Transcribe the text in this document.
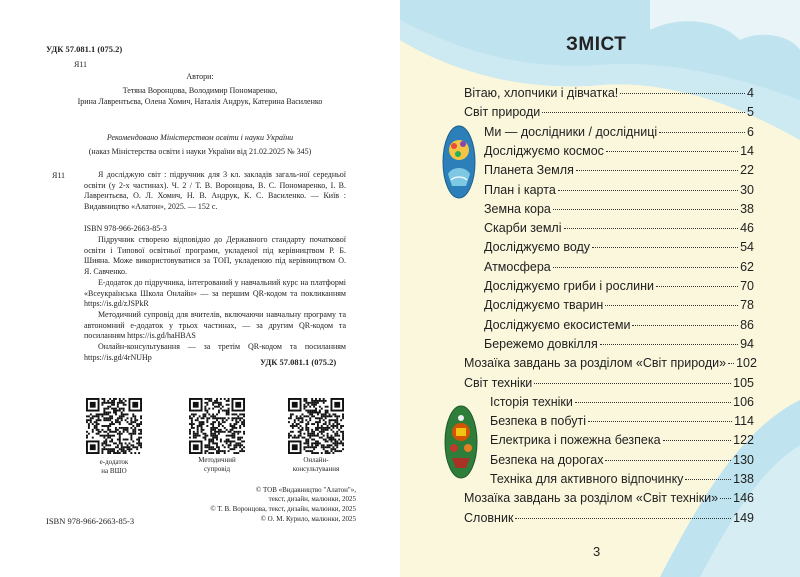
УДК 57.081.1 (075.2)
Я11
Автори:
Тетяна Воронцова, Володимир Пономаренко,
Ірина Лаврентьєва, Олена Хомич, Наталія Андрук, Катерина Василенко
Рекомендовано Міністерством освіти і науки України
(наказ Міністерства освіти і науки України від 21.02.2025 № 345)
Я11	Я досліджую світ : підручник для 3 кл. закладів загаль-ної середньої освіти (у 2-х частинах). Ч. 2 / Т. В. Воронцова, В. С. Пономаренко, І. В. Лаврентьєва, О. Л. Хомич, Н. В. Андрук, К. С. Василенко. — Київ : Видавництво «Алатон», 2025. — 152 с.
ISBN 978-966-2663-85-3
Підручник створено відповідно до Державного стандарту початкової освіти і Типової освітньої програми, укладеної під керівництвом Р. Б. Шияна. Може використовуватися за ТОП, укладеною під керівництвом О. Я. Савченко.
Е-додаток до підручника, інтегрований у навчальний курс на платформі «Всеукраїнська Школа Онлайн» — за першим QR-кодом та покликанням https://is.gd/zJSPkR
Методичний супровід для вчителів, включаючи навчальну програму та автономний е-додаток у трьох частинах, — за другим QR-кодом та посиланням https://is.gd/haHBAS
Онлайн-консультування — за третім QR-кодом та посиланням https://is.gd/4rNUHp	УДК 57.081.1 (075.2)
е-додаток
на ВШО
Методичний
супровід
Онлайн-
консультування
© ТОВ «Видавництво "Алатон"»,
текст, дизайн, малюнки, 2025
© Т. В. Воронцова, текст, дизайн, малюнки, 2025
© О. М. Курило, малюнки, 2025
ISBN 978-966-2663-85-3
ЗМІСТ
Вітаю, хлопчики і дівчатка!	4
Світ природи	5
Ми — дослідники / дослідниці	6
Досліджуємо космос	14
Планета Земля	22
План і карта	30
Земна кора	38
Скарби землі	46
Досліджуємо воду	54
Атмосфера	62
Досліджуємо гриби і рослини	70
Досліджуємо тварин	78
Досліджуємо екосистеми	86
Бережемо довкілля	94
Мозаїка завдань за розділом «Світ природи» 102
Світ техніки	105
Історія техніки	106
Безпека в побуті	114
Електрика і пожежна безпека	122
Безпека на дорогах	130
Техніка для активного відпочинку	138
Мозаїка завдань за розділом «Світ техніки» 146
Словник	149
3
